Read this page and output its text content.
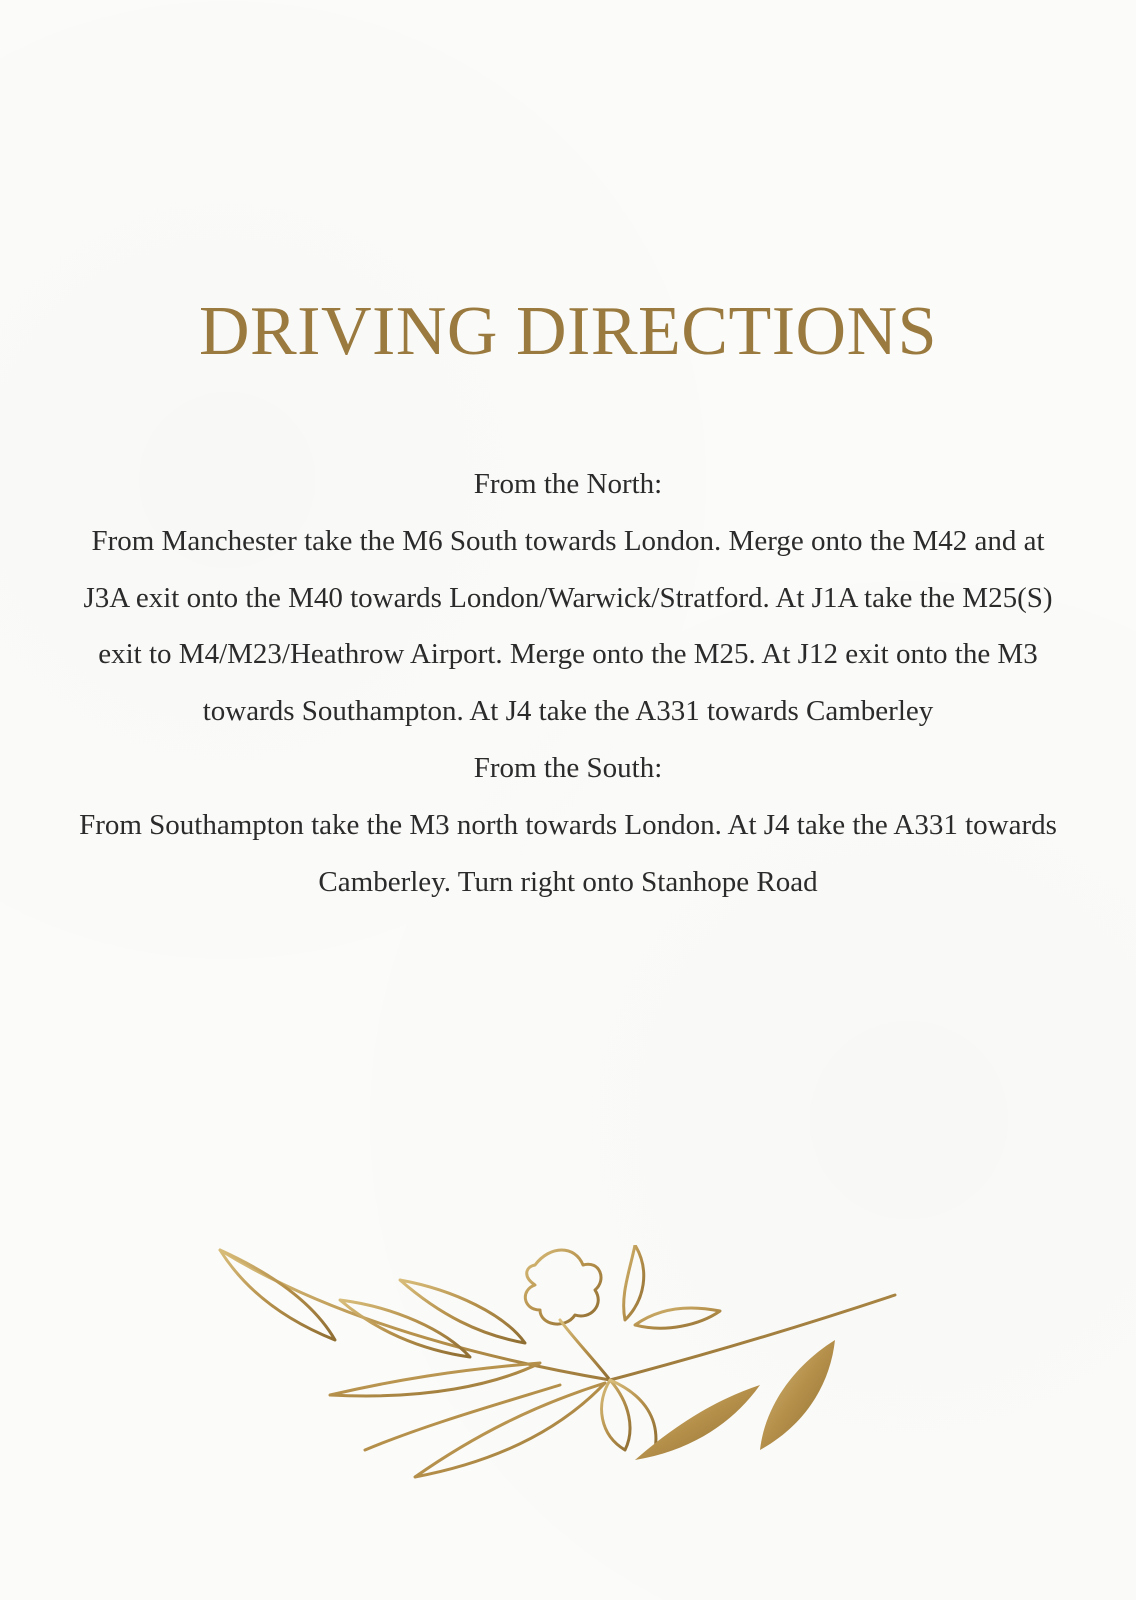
DRIVING DIRECTIONS

From the North:

From Manchester take the M6 South towards London. Merge onto the M42 and at J3A exit onto the M40 towards London/Warwick/Stratford. At J1A take the M25(S) exit to M4/M23/Heathrow Airport. Merge onto the M25. At J12 exit onto the M3 towards Southampton. At J4 take the A331 towards Camberley

From the South:

From Southampton take the M3 north towards London. At J4 take the A331 towards Camberley. Turn right onto Stanhope Road
